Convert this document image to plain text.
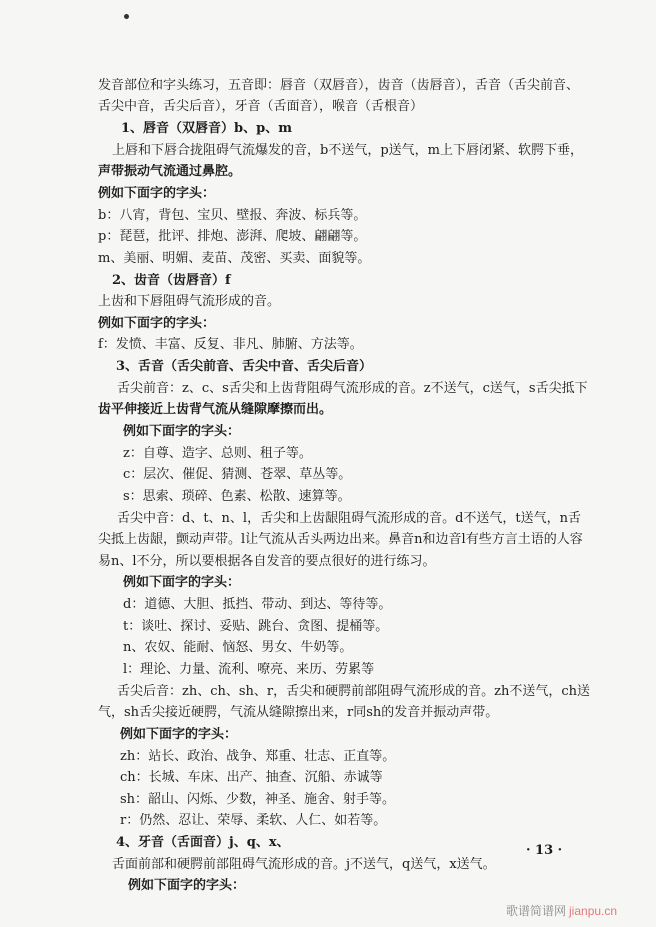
发音部位和字头练习，五音即：唇音（双唇音），齿音（齿唇音），舌音（舌尖前音、
舌尖中音，舌尖后音），牙音（舌面音），喉音（舌根音）
1、唇音（双唇音）b、p、m
上唇和下唇合拢阻碍气流爆发的音，b不送气，p送气，m上下唇闭紧、软腭下垂，
声带振动气流通过鼻腔。
例如下面字的字头：
b：八宵，背包、宝贝、壁报、奔波、标兵等。
p：琵琶，批评、排炮、澎湃、爬坡、翩翩等。
m、美丽、明媚、麦苗、茂密、买卖、面貌等。
2、齿音（齿唇音）f
上齿和下唇阻碍气流形成的音。
例如下面字的字头：
f：发愤、丰富、反复、非凡、肺腑、方法等。
3、舌音（舌尖前音、舌尖中音、舌尖后音）
舌尖前音：z、c、s舌尖和上齿背阻碍气流形成的音。z不送气，c送气，s舌尖抵下
齿平伸接近上齿背气流从缝隙摩擦而出。
例如下面字的字头：
z：自尊、造字、总则、租子等。
c：层次、催促、猜测、苍翠、草丛等。
s：思索、琐碎、色素、松散、速算等。
舌尖中音：d、t、n、l，舌尖和上齿龈阻碍气流形成的音。d不送气，t送气，n舌
尖抵上齿龈，颤动声带。l让气流从舌头两边出来。鼻音n和边音l有些方言土语的人容
易n、l不分，所以要根据各自发音的要点很好的进行练习。
例如下面字的字头：
d：道德、大胆、抵挡、带动、到达、等待等。
t：谈吐、探讨、妥贴、跳台、贪图、提桶等。
n、农奴、能耐、恼怒、男女、牛奶等。
l：理论、力量、流利、嘹亮、来历、劳累等
舌尖后音：zh、ch、sh、r，舌尖和硬腭前部阻碍气流形成的音。zh不送气，ch送
气，sh舌尖接近硬腭，气流从缝隙擦出来，r同sh的发音并振动声带。
例如下面字的字头：
zh：站长、政治、战争、郑重、壮志、正直等。
ch：长城、车床、出产、抽查、沉船、赤诚等
sh：韶山、闪烁、少数，神圣、施舍、射手等。
r：仍然、忍让、荣辱、柔软、人仁、如若等。
4、牙音（舌面音）j、q、x、
舌面前部和硬腭前部阻碍气流形成的音。j不送气，q送气，x送气。
例如下面字的字头：
· 13 ·
歌谱简谱网 jianpu.cn
